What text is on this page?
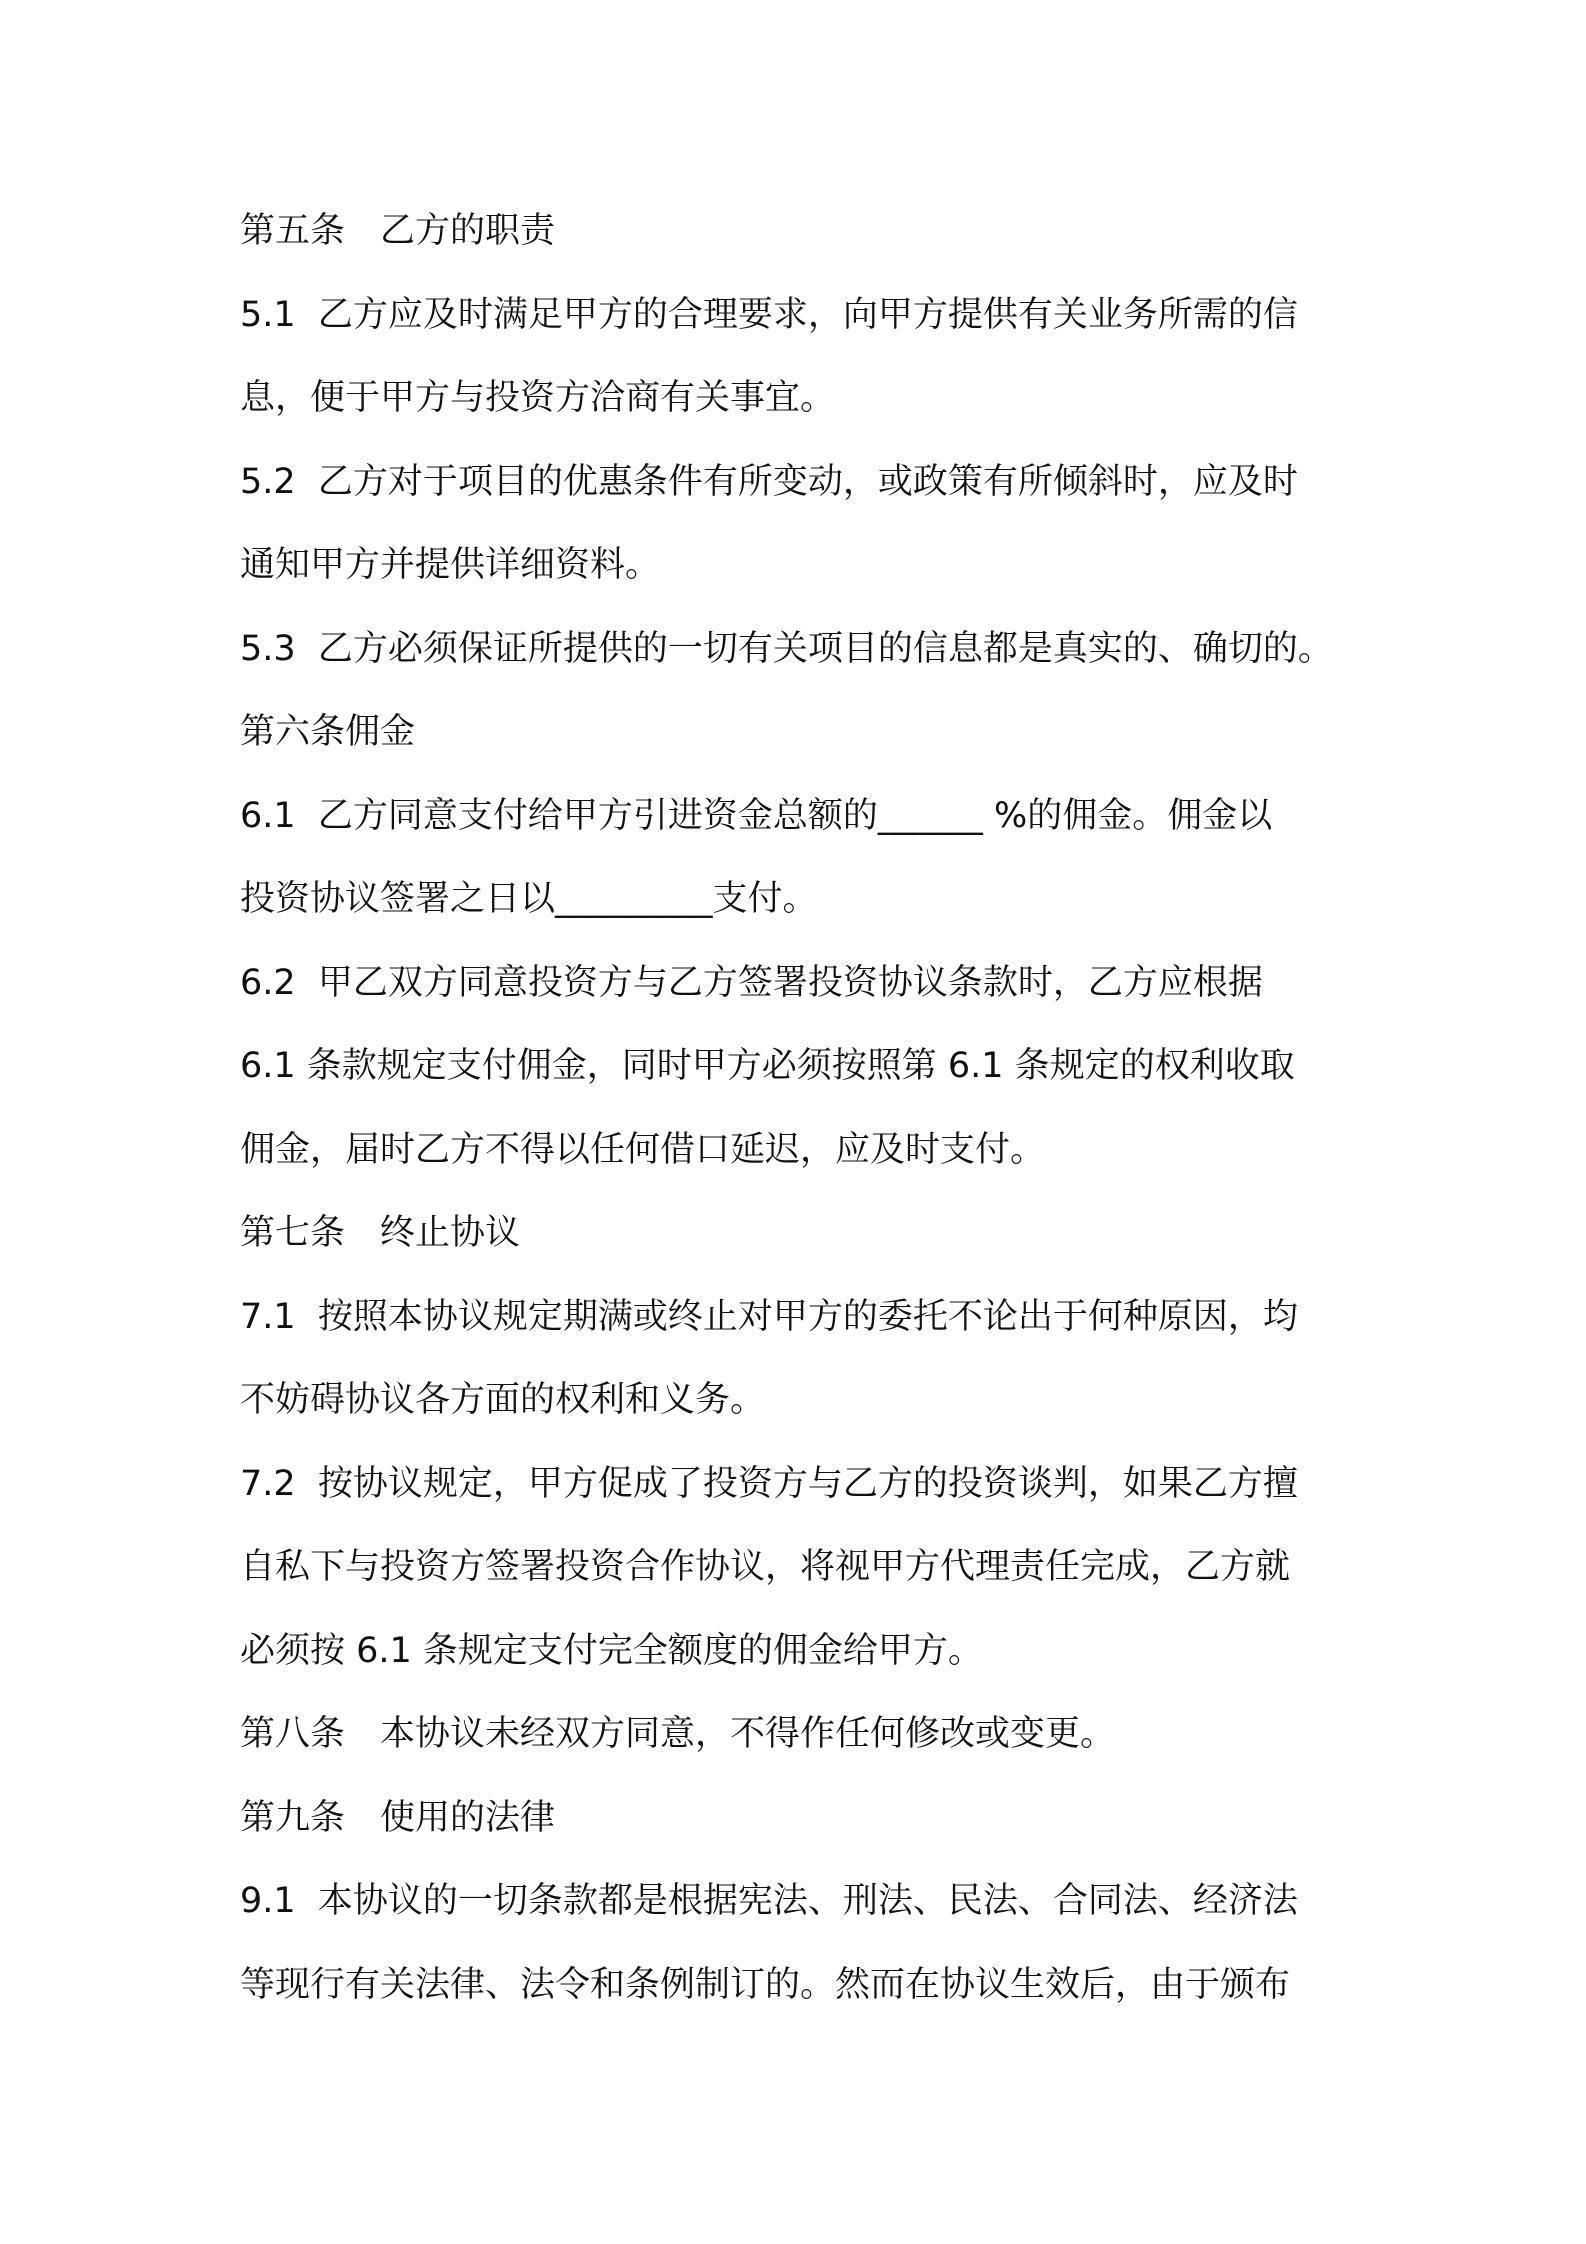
第五条　乙方的职责
5.1  乙方应及时满足甲方的合理要求，向甲方提供有关业务所需的信
息，便于甲方与投资方洽商有关事宜。
5.2  乙方对于项目的优惠条件有所变动，或政策有所倾斜时，应及时
通知甲方并提供详细资料。
5.3  乙方必须保证所提供的一切有关项目的信息都是真实的、确切的。
第六条佣金
6.1  乙方同意支付给甲方引进资金总额的______ %的佣金。佣金以
投资协议签署之日以_________支付。
6.2  甲乙双方同意投资方与乙方签署投资协议条款时，乙方应根据
6.1 条款规定支付佣金，同时甲方必须按照第 6.1 条规定的权利收取
佣金，届时乙方不得以任何借口延迟，应及时支付。
第七条　终止协议
7.1  按照本协议规定期满或终止对甲方的委托不论出于何种原因，均
不妨碍协议各方面的权利和义务。
7.2  按协议规定，甲方促成了投资方与乙方的投资谈判，如果乙方擅
自私下与投资方签署投资合作协议，将视甲方代理责任完成，乙方就
必须按 6.1 条规定支付完全额度的佣金给甲方。
第八条　本协议未经双方同意，不得作任何修改或变更。
第九条　使用的法律
9.1  本协议的一切条款都是根据宪法、刑法、民法、合同法、经济法
等现行有关法律、法令和条例制订的。然而在协议生效后，由于颁布
